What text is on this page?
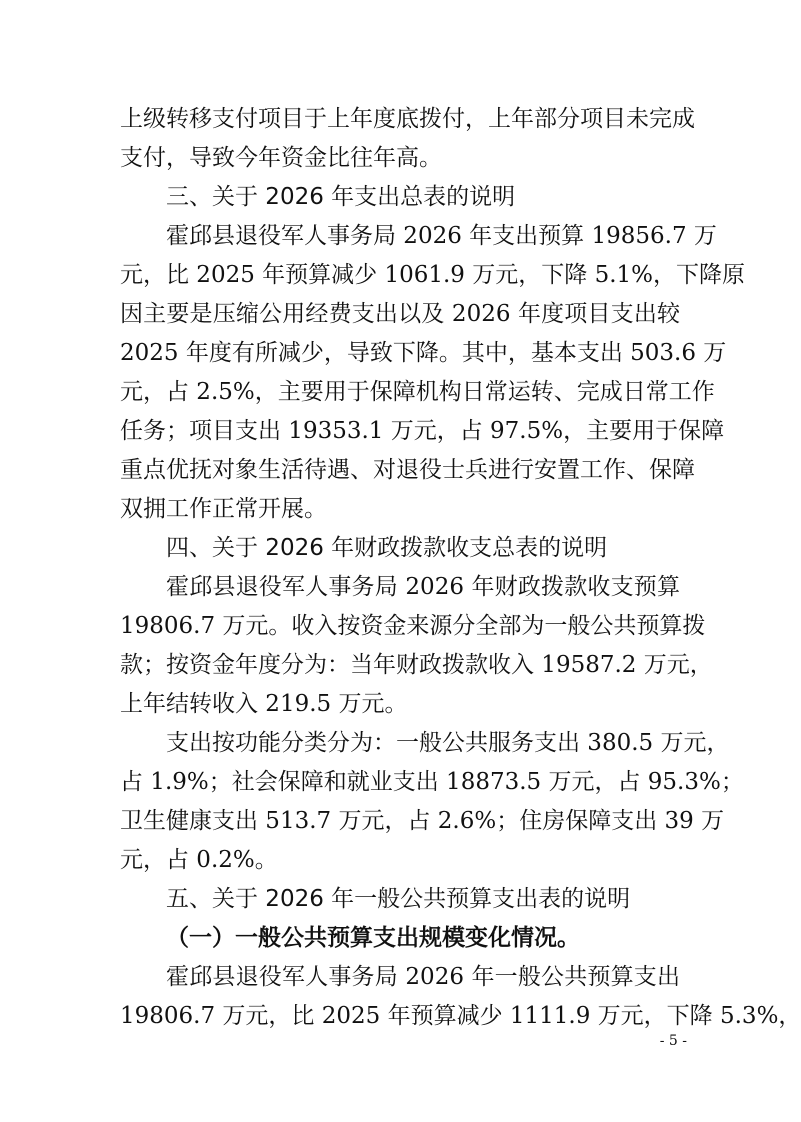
上级转移支付项目于上年度底拨付，上年部分项目未完成
支付，导致今年资金比往年高。
三、关于 2026 年支出总表的说明
霍邱县退役军人事务局 2026 年支出预算 19856.7 万
元，比 2025 年预算减少 1061.9 万元，下降 5.1%，下降原
因主要是压缩公用经费支出以及 2026 年度项目支出较
2025 年度有所减少，导致下降。其中，基本支出 503.6 万
元，占 2.5%，主要用于保障机构日常运转、完成日常工作
任务；项目支出 19353.1 万元，占 97.5%，主要用于保障
重点优抚对象生活待遇、对退役士兵进行安置工作、保障
双拥工作正常开展。
四、关于 2026 年财政拨款收支总表的说明
霍邱县退役军人事务局 2026 年财政拨款收支预算
19806.7 万元。收入按资金来源分全部为一般公共预算拨
款；按资金年度分为：当年财政拨款收入 19587.2 万元，
上年结转收入 219.5 万元。
支出按功能分类分为：一般公共服务支出 380.5 万元，
占 1.9%；社会保障和就业支出 18873.5 万元，占 95.3%；
卫生健康支出 513.7 万元，占 2.6%；住房保障支出 39 万
元，占 0.2%。
五、关于 2026 年一般公共预算支出表的说明
（一）一般公共预算支出规模变化情况。
霍邱县退役军人事务局 2026 年一般公共预算支出
19806.7 万元，比 2025 年预算减少 1111.9 万元，下降 5.3%，
- 5 -
